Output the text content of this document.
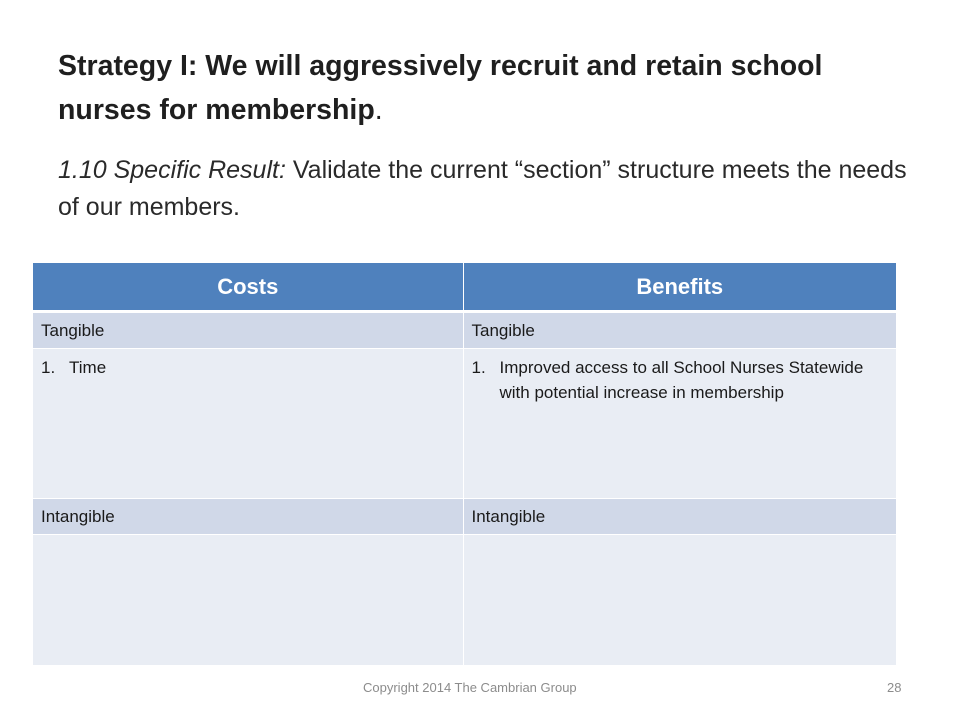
Strategy I: We will aggressively recruit and retain school nurses for membership.

1.10 Specific Result: Validate the current “section” structure meets the needs of our members.

Costs	Benefits
Tangible	Tangible

1. Time	1. Improved access to all School Nurses Statewide with potential increase in membership

Intangible	Intangible

Copyright 2014 The Cambrian Group	28
